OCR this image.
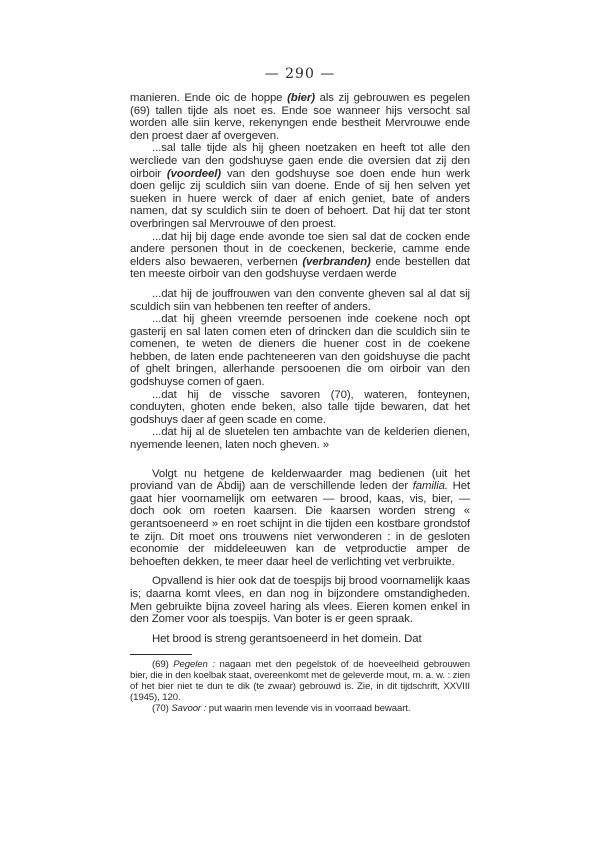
— 290 —

manieren. Ende oic de hoppe (bier) als zij gebrouwen es pegelen (69) tallen tijde als noet es. Ende soe wanneer hijs versocht sal worden alle siin kerve, rekenyngen ende bestheit Mervrouwe ende den proest daer af overgeven.

...sal talle tijde als hij gheen noetzaken en heeft tot alle den wercliede van den godshuyse gaen ende die oversien dat zij den oirboir (voordeel) van den godshuyse soe doen ende hun werk doen gelijc zij sculdich siin van doene. Ende of sij hen selven yet sueken in huere werck of daer af enich geniet, bate of anders namen, dat sy sculdich siin te doen of behoert. Dat hij dat ter stont overbringen sal Mervrouwe of den proest.

...dat hij bij dage ende avonde toe sien sal dat de cocken ende andere personen thout in de coeckenen, beckerie, camme ende elders also bewaeren, verbernen (verbranden) ende bestellen dat ten meeste oirboir van den godshuyse verdaen werde

...dat hij de jouffrouwen van den convente gheven sal al dat sij sculdich siin van hebbenen ten reefter of anders.

...dat hij gheen vreemde persoenen inde coekene noch opt gasterij en sal laten comen eten of drincken dan die sculdich siin te comenen, te weten de dieners die huener cost in de coekene hebben, de laten ende pachteneeren van den goidshuyse die pacht of ghelt bringen, allerhande persooenen die om oirboir van den godshuyse comen of gaen.

...dat hij de vissche savoren (70), wateren, fonteynen, conduyten, ghoten ende beken, also talle tijde bewaren, dat het godshuys daer af geen scade en come.

...dat hij al de sluetelen ten ambachte van de kelderien dienen, nyemende leenen, laten noch gheven. »

Volgt nu hetgene de kelderwaarder mag bedienen (uit het proviand van de Abdij) aan de verschillende leden der familia. Het gaat hier voornamelijk om eetwaren — brood, kaas, vis, bier, — doch ook om roeten kaarsen. Die kaarsen worden streng « gerantsoeneerd » en roet schijnt in die tijden een kostbare grondstof te zijn. Dit moet ons trouwens niet verwonderen : in de gesloten economie der middeleeuwen kan de vetproductie amper de behoeften dekken, te meer daar heel de verlichting vet verbruikte.

Opvallend is hier ook dat de toespijs bij brood voornamelijk kaas is; daarna komt vlees, en dan nog in bijzondere omstandigheden. Men gebruikte bijna zoveel haring als vlees. Eieren komen enkel in den Zomer voor als toespijs. Van boter is er geen spraak.

Het brood is streng gerantsoeneerd in het domein. Dat

(69) Pegelen : nagaan met den pegelstok of de hoeveelheid gebrouwen bier, die in den koelbak staat, overeenkomt met de geleverde mout, m. a. w. : zien of het bier niet te dun te dik (te zwaar) gebrouwd is. Zie, in dit tijdschrift, XXVIII (1945), 120.

(70) Savoor : put waarin men levende vis in voorraad bewaart.
